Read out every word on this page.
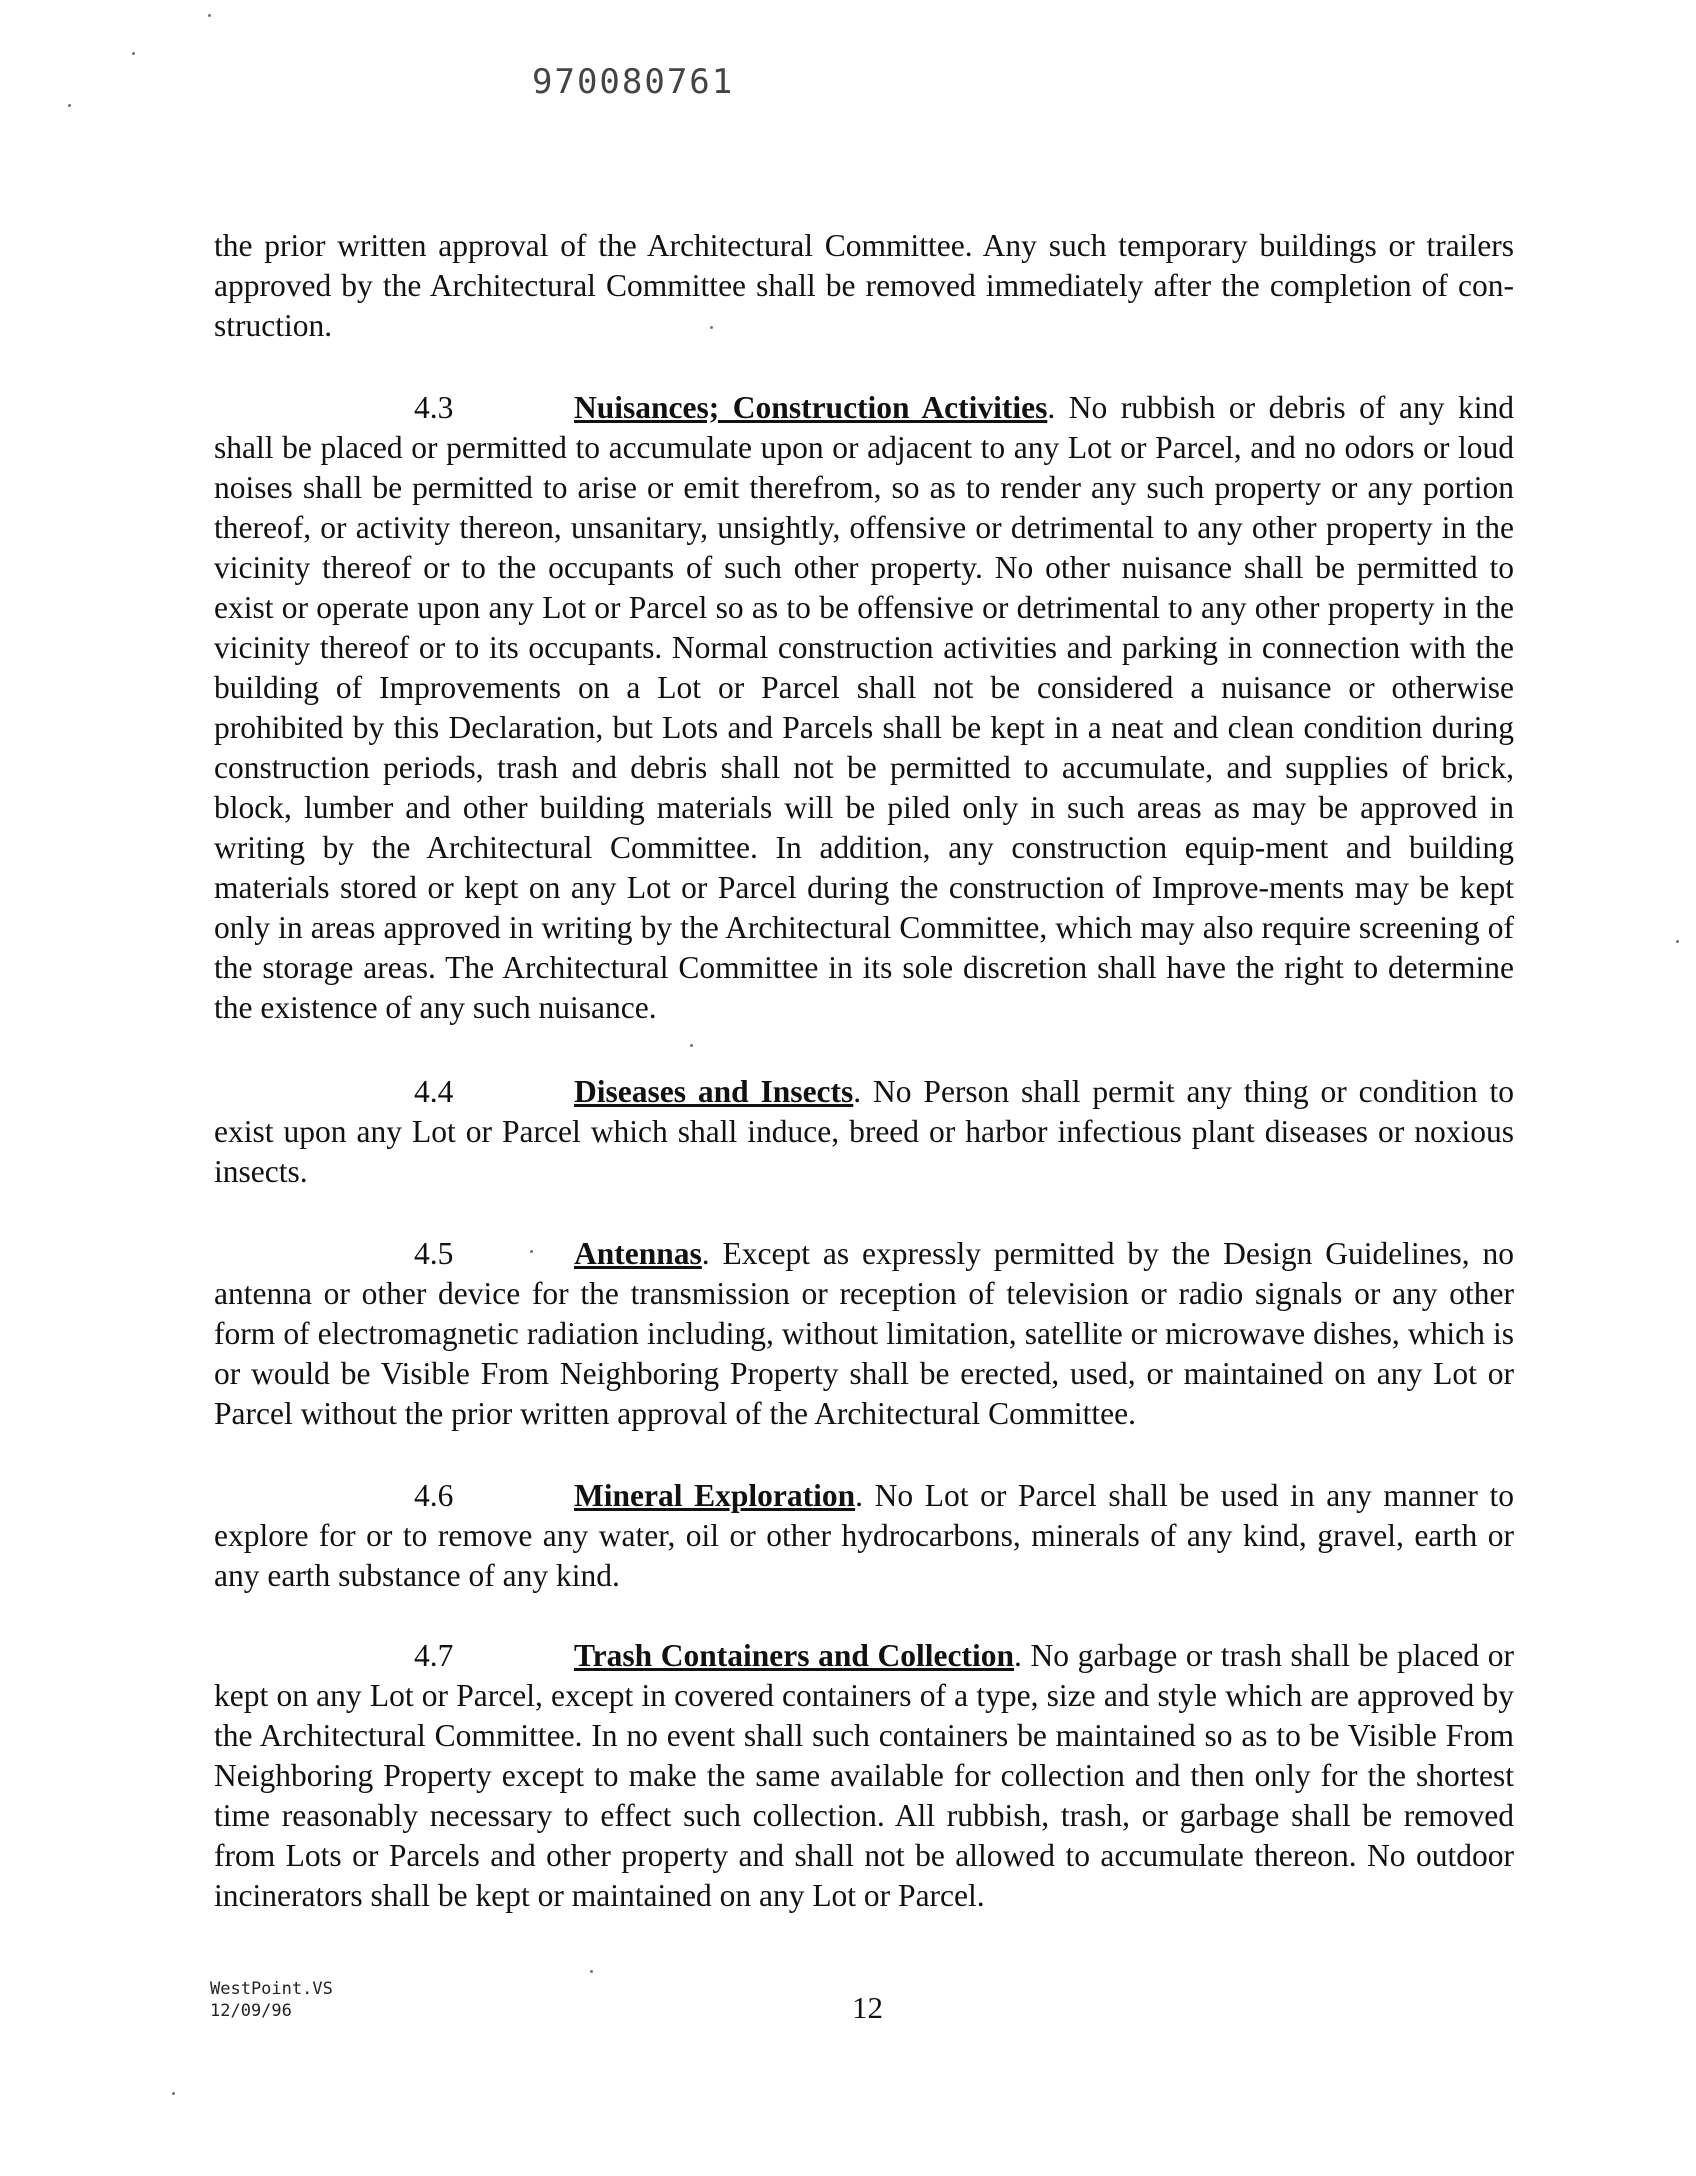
970080761

the prior written approval of the Architectural Committee. Any such temporary buildings or trailers approved by the Architectural Committee shall be removed immediately after the completion of con-struction.

4.3	Nuisances; Construction Activities. No rubbish or debris of any kind shall be placed or permitted to accumulate upon or adjacent to any Lot or Parcel, and no odors or loud noises shall be permitted to arise or emit therefrom, so as to render any such property or any portion thereof, or activity thereon, unsanitary, unsightly, offensive or detrimental to any other property in the vicinity thereof or to the occupants of such other property. No other nuisance shall be permitted to exist or operate upon any Lot or Parcel so as to be offensive or detrimental to any other property in the vicinity thereof or to its occupants. Normal construction activities and parking in connection with the building of Improvements on a Lot or Parcel shall not be considered a nuisance or otherwise prohibited by this Declaration, but Lots and Parcels shall be kept in a neat and clean condition during construction periods, trash and debris shall not be permitted to accumulate, and supplies of brick, block, lumber and other building materials will be piled only in such areas as may be approved in writing by the Architectural Committee. In addition, any construction equip-ment and building materials stored or kept on any Lot or Parcel during the construction of Improve-ments may be kept only in areas approved in writing by the Architectural Committee, which may also require screening of the storage areas. The Architectural Committee in its sole discretion shall have the right to determine the existence of any such nuisance.

4.4	Diseases and Insects. No Person shall permit any thing or condition to exist upon any Lot or Parcel which shall induce, breed or harbor infectious plant diseases or noxious insects.

4.5	Antennas. Except as expressly permitted by the Design Guidelines, no antenna or other device for the transmission or reception of television or radio signals or any other form of electromagnetic radiation including, without limitation, satellite or microwave dishes, which is or would be Visible From Neighboring Property shall be erected, used, or maintained on any Lot or Parcel without the prior written approval of the Architectural Committee.

4.6	Mineral Exploration. No Lot or Parcel shall be used in any manner to explore for or to remove any water, oil or other hydrocarbons, minerals of any kind, gravel, earth or any earth substance of any kind.

4.7	Trash Containers and Collection. No garbage or trash shall be placed or kept on any Lot or Parcel, except in covered containers of a type, size and style which are approved by the Architectural Committee. In no event shall such containers be maintained so as to be Visible From Neighboring Property except to make the same available for collection and then only for the shortest time reasonably necessary to effect such collection. All rubbish, trash, or garbage shall be removed from Lots or Parcels and other property and shall not be allowed to accumulate thereon. No outdoor incinerators shall be kept or maintained on any Lot or Parcel.

WestPoint.VS
12/09/96	12
